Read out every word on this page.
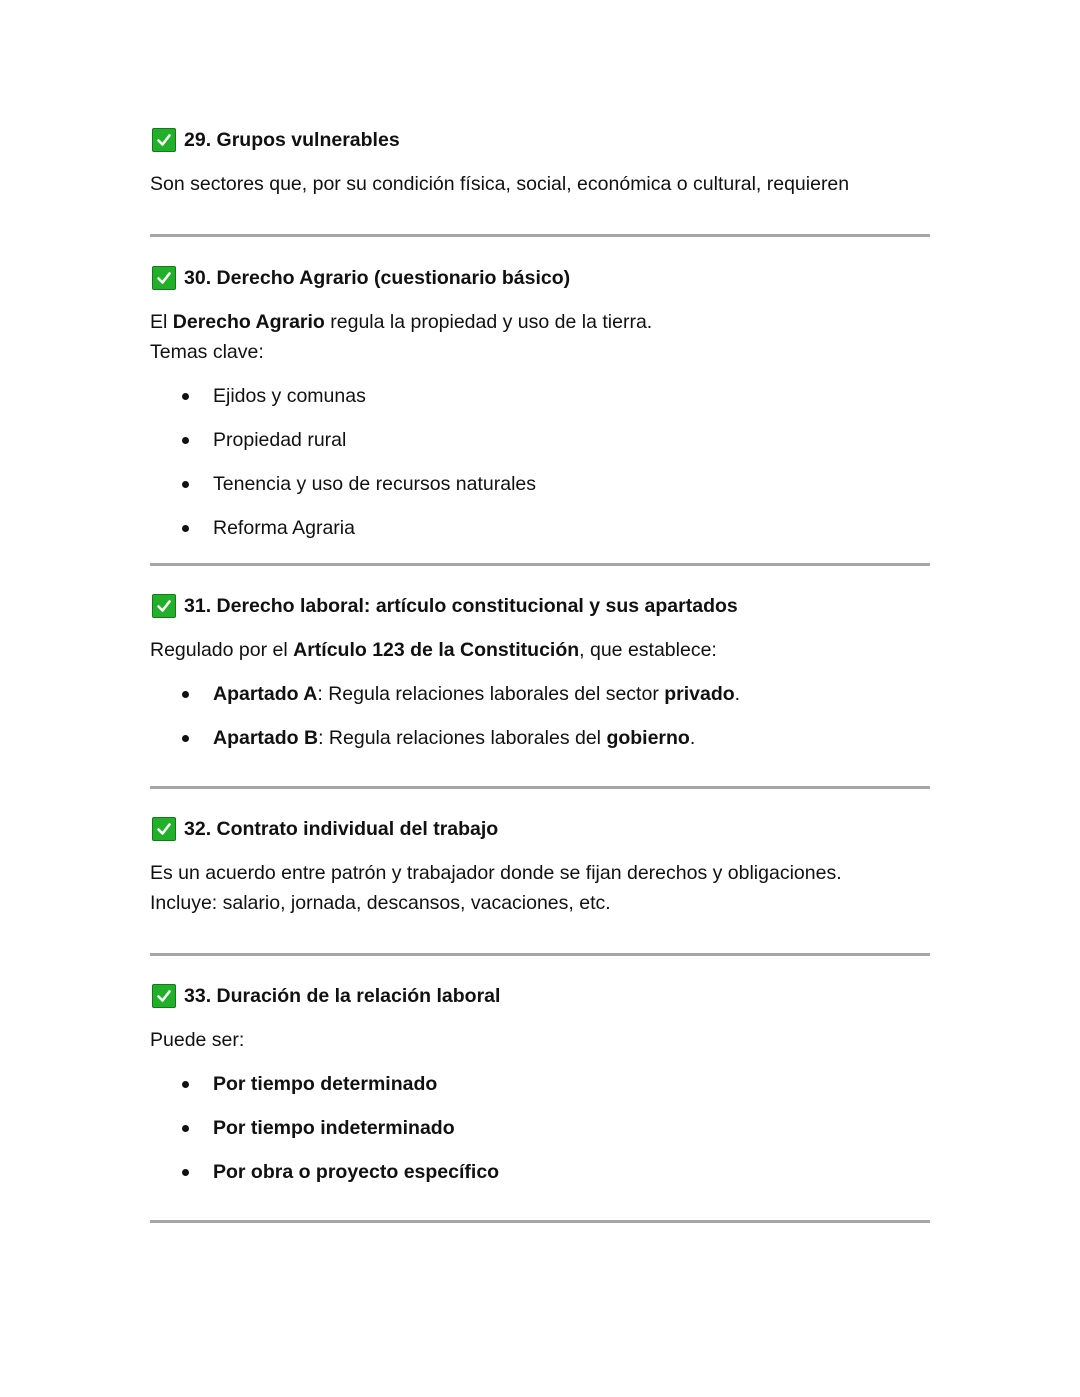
29. Grupos vulnerables

Son sectores que, por su condición física, social, económica o cultural, requieren

30. Derecho Agrario (cuestionario básico)

El Derecho Agrario regula la propiedad y uso de la tierra.

Temas clave:

Ejidos y comunas
Propiedad rural
Tenencia y uso de recursos naturales
Reforma Agraria
31. Derecho laboral: artículo constitucional y sus apartados

Regulado por el Artículo 123 de la Constitución, que establece:

Apartado A: Regula relaciones laborales del sector privado.
Apartado B: Regula relaciones laborales del gobierno.
32. Contrato individual del trabajo

Es un acuerdo entre patrón y trabajador donde se fijan derechos y obligaciones.

Incluye: salario, jornada, descansos, vacaciones, etc.

33. Duración de la relación laboral

Puede ser:

Por tiempo determinado
Por tiempo indeterminado
Por obra o proyecto específico
